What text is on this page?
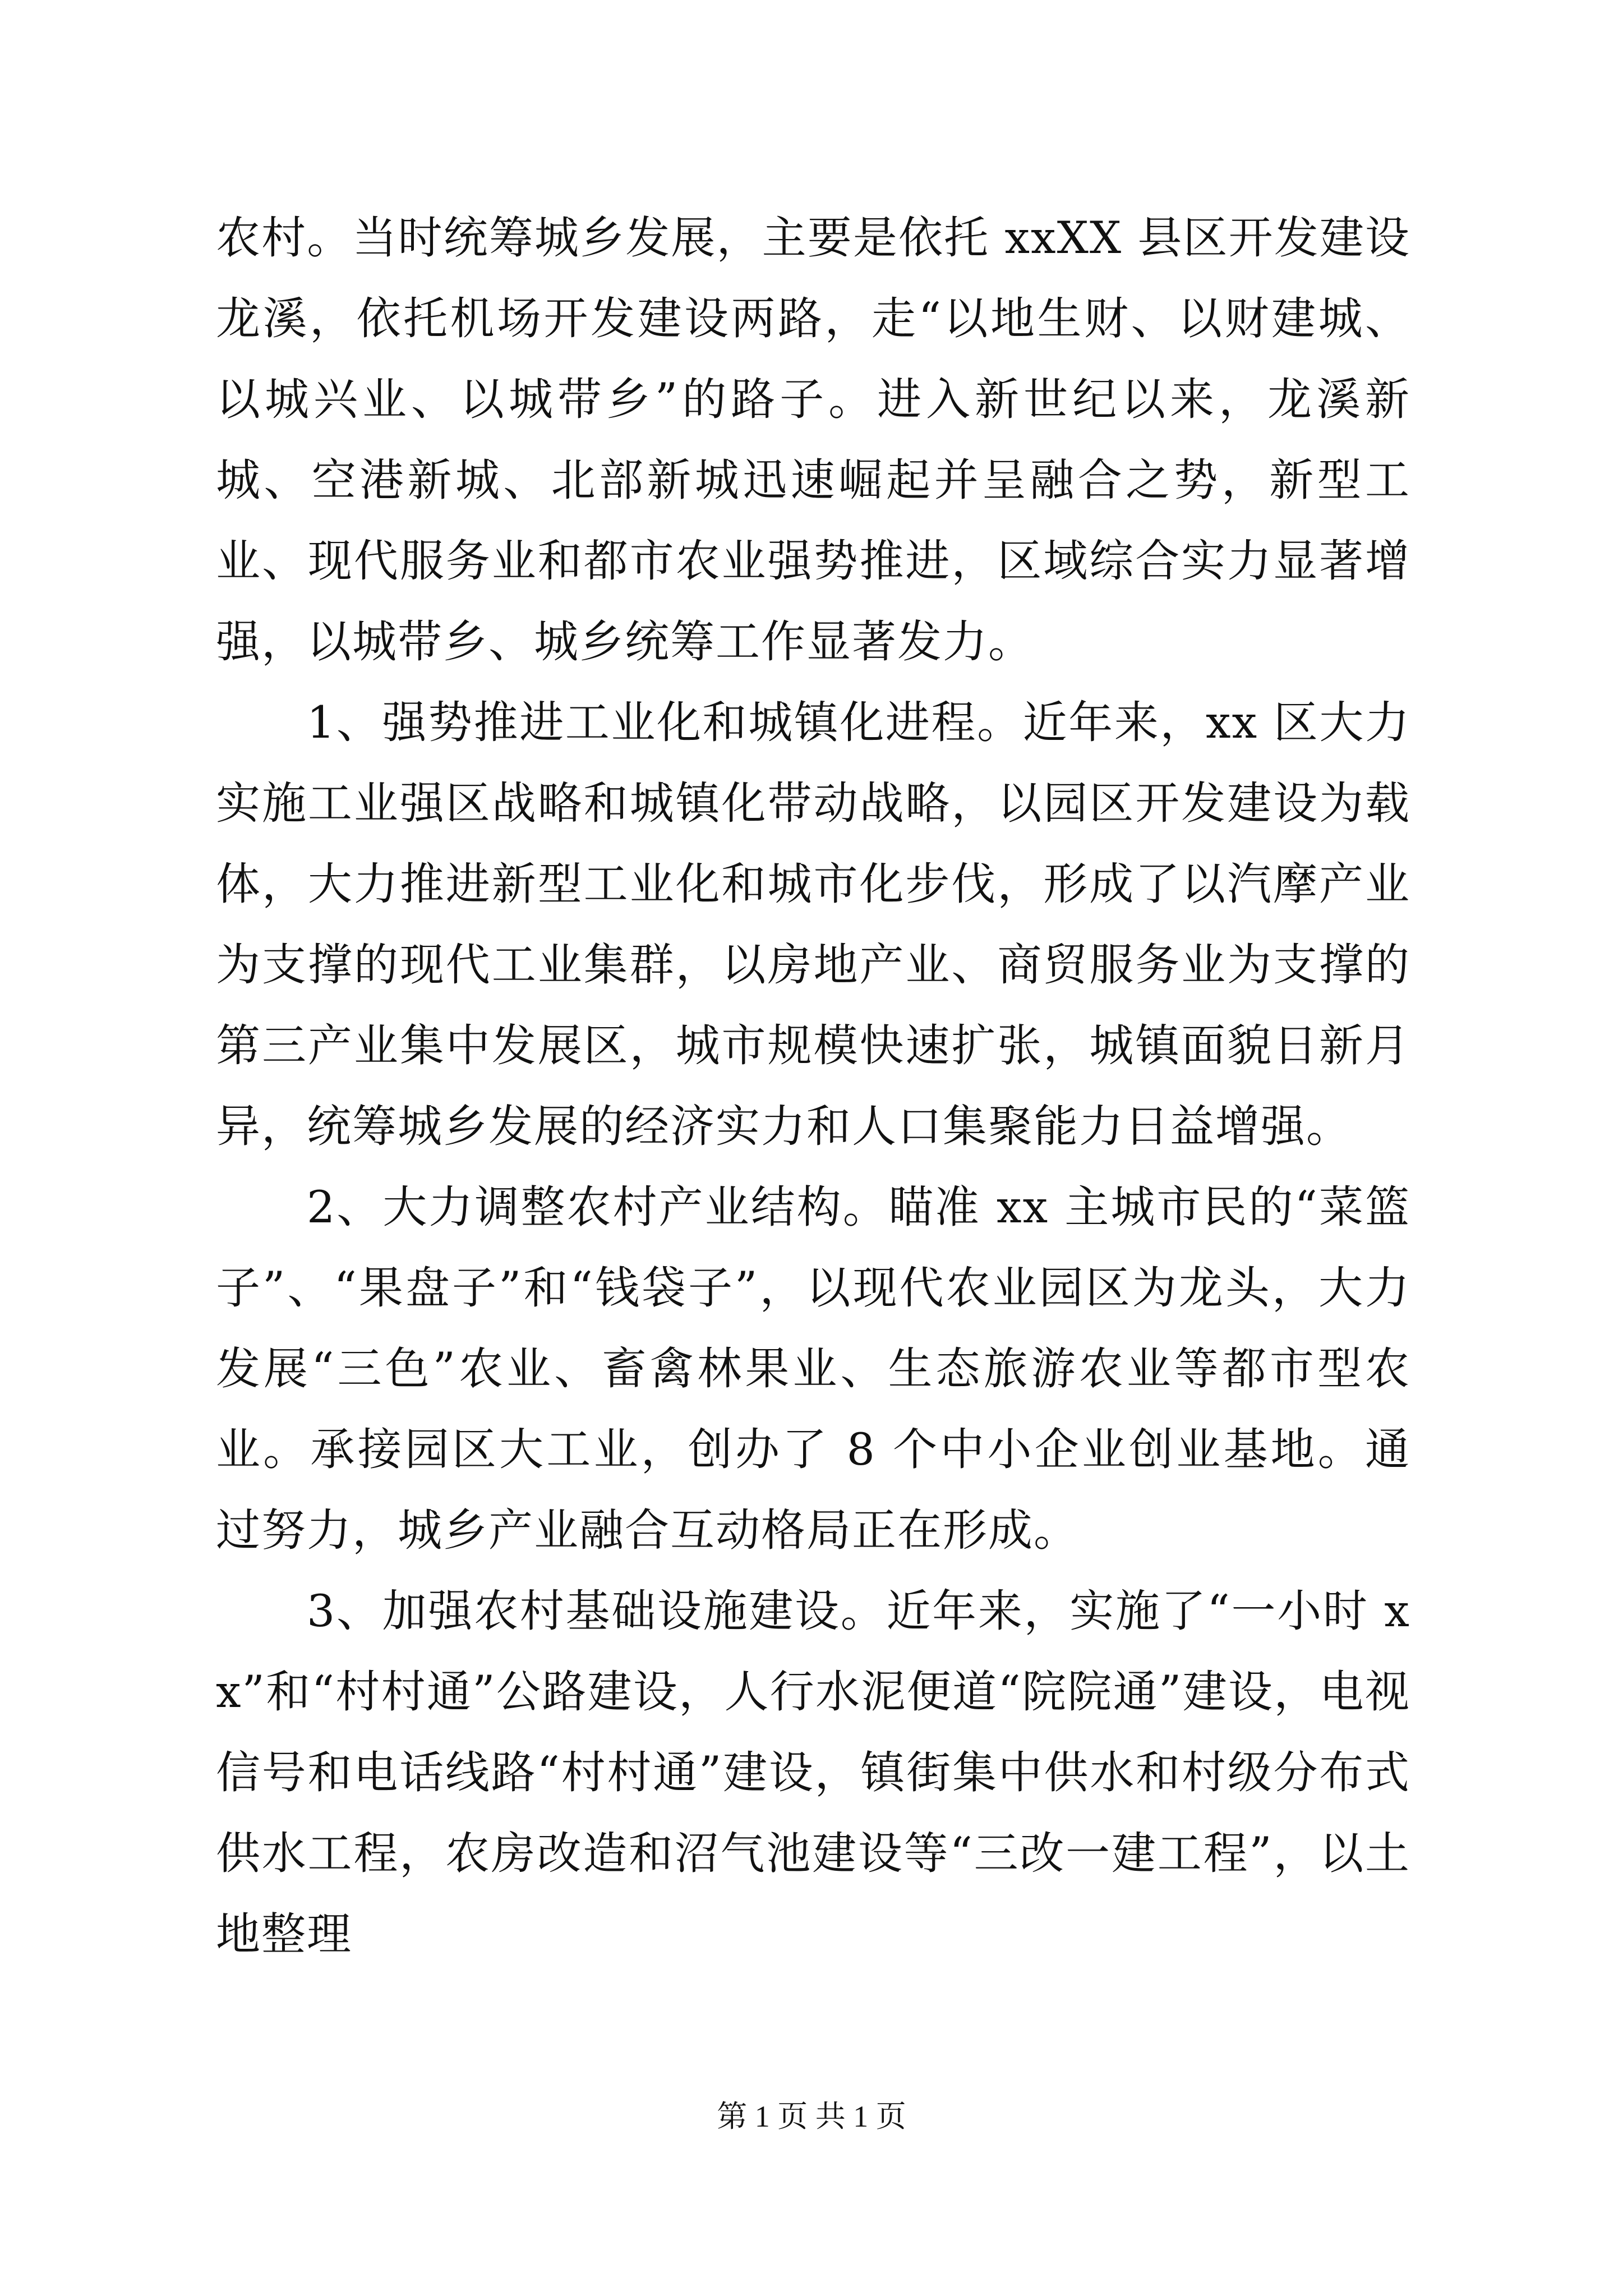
农村。当时统筹城乡发展，主要是依托 xxXX 县区开发建设龙溪，依托机场开发建设两路，走“以地生财、以财建城、以城兴业、以城带乡”的路子。进入新世纪以来，龙溪新城、空港新城、北部新城迅速崛起并呈融合之势，新型工业、现代服务业和都市农业强势推进，区域综合实力显著增强，以城带乡、城乡统筹工作显著发力。

1、强势推进工业化和城镇化进程。近年来，xx 区大力实施工业强区战略和城镇化带动战略，以园区开发建设为载体，大力推进新型工业化和城市化步伐，形成了以汽摩产业为支撑的现代工业集群，以房地产业、商贸服务业为支撑的第三产业集中发展区，城市规模快速扩张，城镇面貌日新月异，统筹城乡发展的经济实力和人口集聚能力日益增强。

2、大力调整农村产业结构。瞄准 xx 主城市民的“菜篮子”、“果盘子”和“钱袋子”，以现代农业园区为龙头，大力发展“三色”农业、畜禽林果业、生态旅游农业等都市型农业。承接园区大工业，创办了 8 个中小企业创业基地。通过努力，城乡产业融合互动格局正在形成。

3、加强农村基础设施建设。近年来，实施了“一小时 xx”和“村村通”公路建设，人行水泥便道“院院通”建设，电视信号和电话线路“村村通”建设，镇街集中供水和村级分布式供水工程，农房改造和沼气池建设等“三改一建工程”，以土地整理

第 1 页 共 1 页
